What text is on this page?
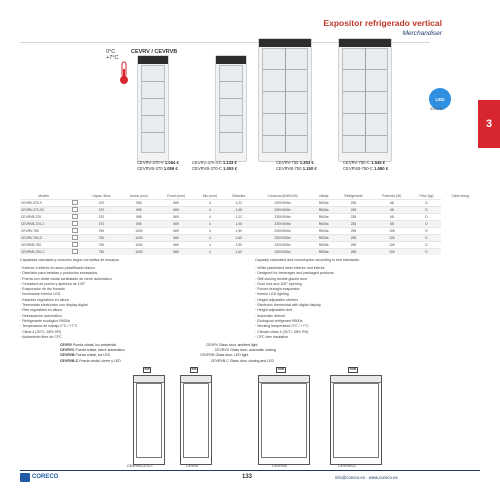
Expositor refrigerado vertical
Merchandiser
3
0°C
+7°C
CEVRV / CEVRVB
LED
4000 K
CEVRV-370-V 1.064 €
CEVRVB-370 1.059 €
CEVRV-370-VC 1.133 €
CEVRVB-370-C 1.093 €
CEVRV-750 1.353 €
CEVRVB-750 1.150 €
CEVRV-750-C 1.545 €
CEVRVB-750-C 1.590 €
Modelo		Capac. litros	Ancho (mm)	Fondo (mm)	Alto (mm)	Estantes	Consumo (kWh/24h)	Voltaje	Refrigerante	Potencia (W)	Peso (kg)	Clase energ.
CEVRV-370-V		370	595	569	4	1,22	230V/50Hz	R600a	235	68	D	
CEVRV-370-VC		370	595	569	4	1,05	230V/50Hz	R600a	235	68	D	
CEVRVB-370		370	595	569	4	1,22	230V/50Hz	R600a	235	68	D	
CEVRVB-370-C		370	595	569	4	1,05	230V/50Hz	R600a	235	68	D	
CEVRV-750		750	1000	569	4	1,90	230V/50Hz	R600a	295	105	D	
CEVRV-750-C		750	1000	569	4	1,60	230V/50Hz	R600a	295	105	D	
CEVRVB-750		750	1000	569	4	1,90	230V/50Hz	R600a	295	105	D	
CEVRVB-750-C		750	1000	569	4	1,60	230V/50Hz	R600a	295	105	D	
Capacidad calculada y consumo según normativa de ensayos.	Capacity calculated and consumption according to test standards.
· Exterior e interior en acero plastificado blanco
· Diseñado para bebidas y productos envasados
· Puerta con doble cristal acristalado de cierre automático
· Cerradura de puerta y apertura de 105°
· Evaporador de tiro forzado
· Iluminación interior LED
· Estantes regulables en altura
· Termostato electrónico con display digital
· Pies regulables en altura
· Desescarche automático
· Refrigerante ecológico R600a
· Temperatura de trabajo 0°C / +7°C
· Clima 4 (30°C, 55% HR)
· Aislamiento libre de CFC
· White plasticised steel exterior and interior
· Designed for beverages and packaged products
· Self-closing double glazed door
· Door lock and 105° opening
· Forced draught evaporator
· Interior LED lighting
· Height adjustable shelves
· Electronic thermostat with digital display
· Height adjustable feet
· Automatic defrost
· Ecological refrigerant R600a
· Working temperature 0°C / +7°C
· Climate class 4 (30°C, 55% RH)
· CFC-free insulation
CEVRV Puerta cristal, luz ambiental	CEVRV Glass door, ambient light
CEVRVC Puerta cristal, cierre automático	CEVRVC Glass door, automatic closing
CEVRVB Puerta cristal, luz LED	CEVRVB Glass door, LED light
CEVRVB-C Puerta cristal, cierre y LED	CEVRVB-C Glass door, closing and LED
595	595	1000	1000
CEVRVB-370-C	CEVRV	CEVRVB	CEVRVB-C
CORECO	133	info@coreco.es · www.coreco.es
